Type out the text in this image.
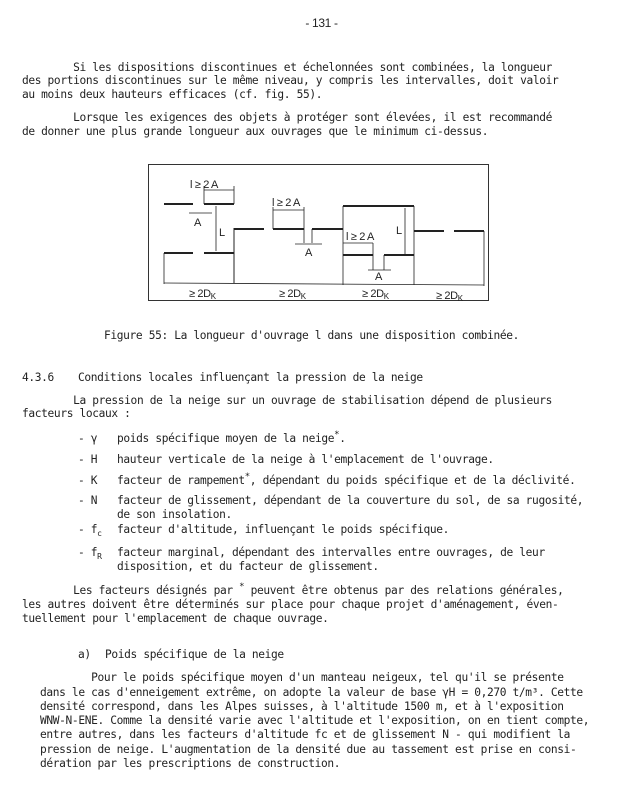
- 131 -
Si les dispositions discontinues et échelonnées sont combinées, la longueur
des portions discontinues sur le même niveau, y compris les intervalles, doit valoir
au moins deux hauteurs efficaces (cf. fig. 55).
Lorsque les exigences des objets à protéger sont élevées, il est recommandé
de donner une plus grande longueur aux ouvrages que le minimum ci-dessus.
l ≥ 2 A
A
L
l ≥ 2 A
A
l ≥ 2 A
A
L
≥ 2DK	≥ 2DK	≥ 2DK	≥ 2DK
Figure 55: La longueur d'ouvrage l dans une disposition combinée.
4.3.6 Conditions locales influençant la pression de la neige
La pression de la neige sur un ouvrage de stabilisation dépend de plusieurs
facteurs locaux :
- γ poids spécifique moyen de la neige*.
- H hauteur verticale de la neige à l'emplacement de l'ouvrage.
- K facteur de rampement*, dépendant du poids spécifique et de la déclivité.
- N facteur de glissement, dépendant de la couverture du sol, de sa rugosité,
de son insolation.
- $f_c$ facteur d'altitude, influençant le poids spécifique.
- $f_R$ facteur marginal, dépendant des intervalles entre ouvrages, de leur
disposition, et du facteur de glissement.
Les facteurs désignés par * peuvent être obtenus par des relations générales,
les autres doivent être déterminés sur place pour chaque projet d'aménagement, éven-
tuellement pour l'emplacement de chaque ouvrage.
a) Poids spécifique de la neige
Pour le poids spécifique moyen d'un manteau neigeux, tel qu'il se présente
dans le cas d'enneigement extrême, on adopte la valeur de base γH = 0,270 t/m³. Cette
densité correspond, dans les Alpes suisses, à l'altitude 1500 m, et à l'exposition
WNW-N-ENE. Comme la densité varie avec l'altitude et l'exposition, on en tient compte,
entre autres, dans les facteurs d'altitude fc et de glissement N - qui modifient la
pression de neige. L'augmentation de la densité due au tassement est prise en consi-
dération par les prescriptions de construction.
